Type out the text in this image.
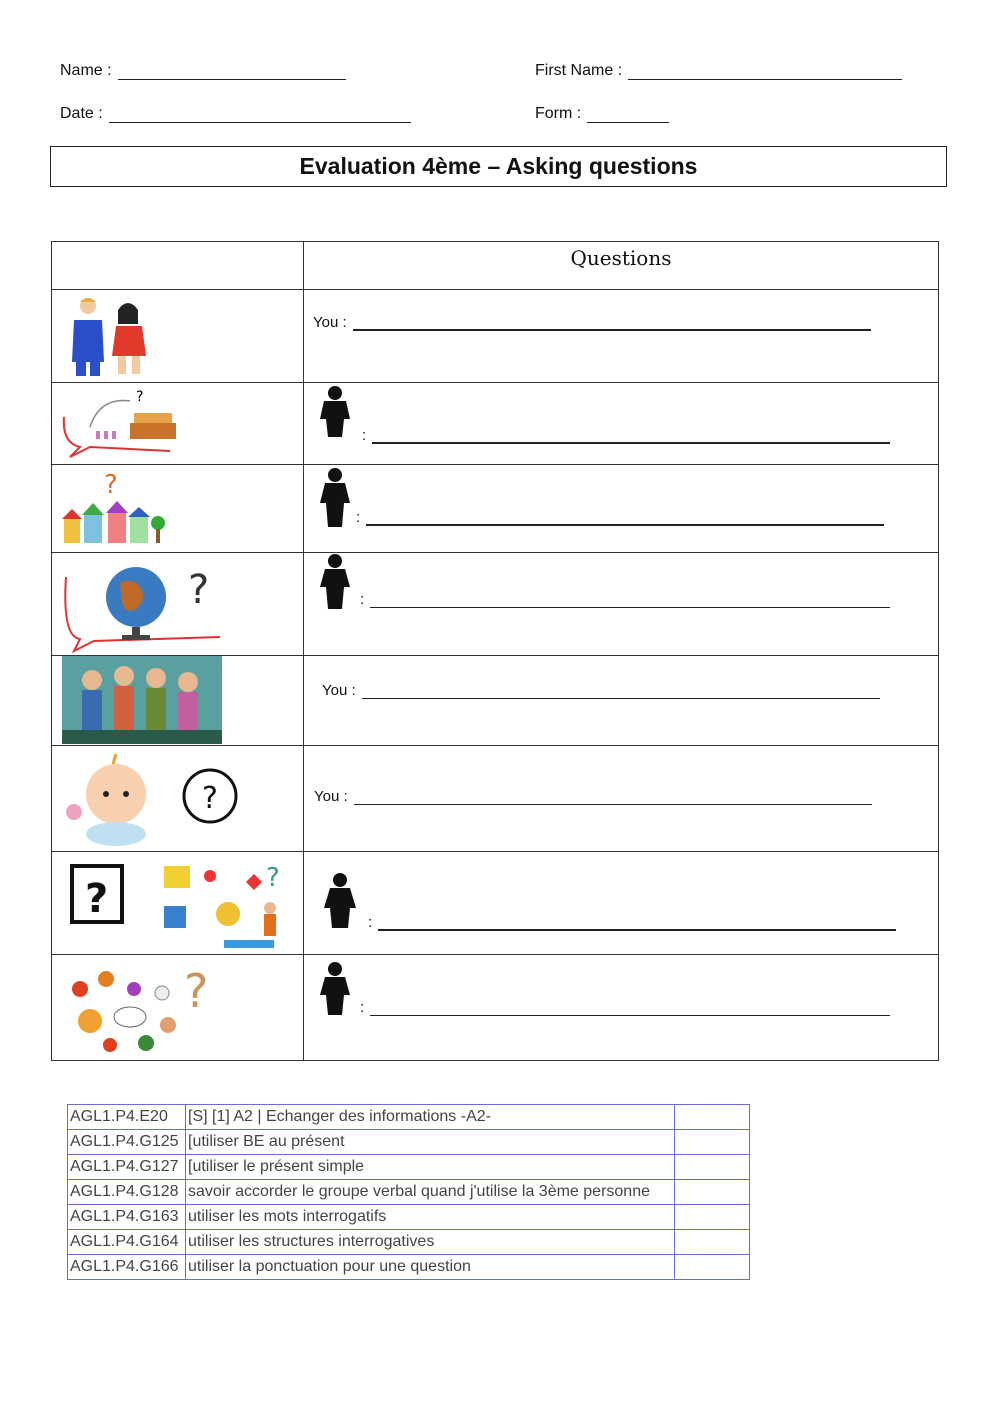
Name :	First Name :
Date :	Form :
Evaluation 4ème – Asking questions
	Questions

You :

?	:

?	:

?	:

You :

?	You :

? ?	:

?	:
AGL1.P4.E20	[S] [1] A2 | Echanger des informations -A2-	
AGL1.P4.G125	[utiliser BE au présent	
AGL1.P4.G127	[utiliser le présent simple	
AGL1.P4.G128	savoir accorder le groupe verbal quand j'utilise la 3ème personne	
AGL1.P4.G163	utiliser les mots interrogatifs	
AGL1.P4.G164	utiliser les structures interrogatives	
AGL1.P4.G166	utiliser la ponctuation pour une question	
